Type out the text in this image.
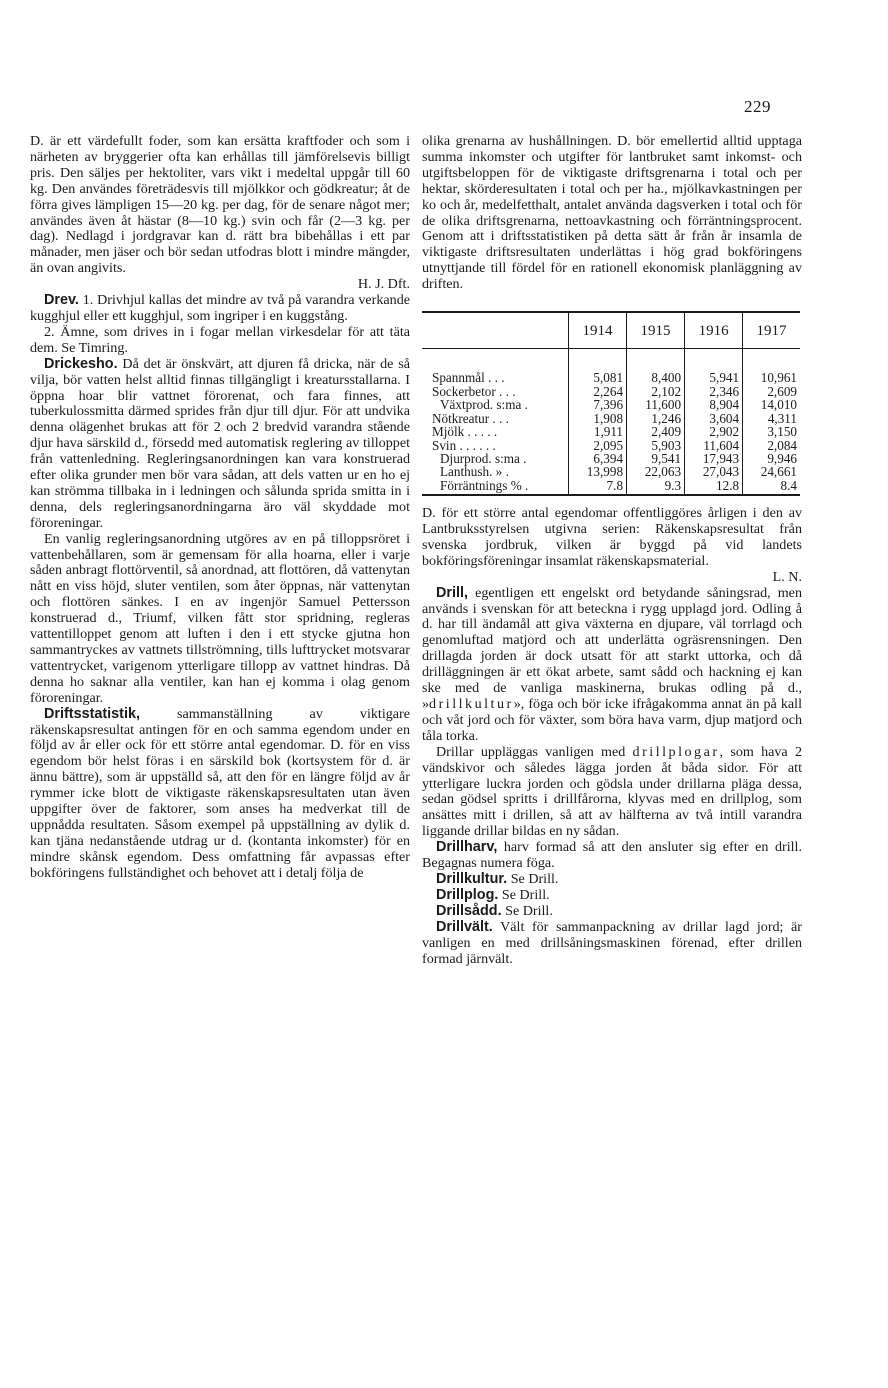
229

D. är ett värdefullt foder, som kan ersätta kraftfoder och som i närheten av bryggerier ofta kan erhållas till jämförelsevis billigt pris. Den säljes per hektoliter, vars vikt i medeltal uppgår till 60 kg. Den användes företrädesvis till mjölkkor och gödkreatur; åt de förra gives lämpligen 15—20 kg. per dag, för de senare något mer; användes även åt hästar (8—10 kg.) svin och får (2—3 kg. per dag). Nedlagd i jordgravar kan d. rätt bra bibehållas i ett par månader, men jäser och bör sedan utfodras blott i mindre mängder, än ovan angivits.

H. J. Dft.

Drev. 1. Drivhjul kallas det mindre av två på varandra verkande kugghjul eller ett kugghjul, som ingriper i en kuggstång.

2. Ämne, som drives in i fogar mellan virkesdelar för att täta dem. Se Timring.

Drickesho. Då det är önskvärt, att djuren få dricka, när de så vilja, bör vatten helst alltid finnas tillgängligt i kreatursstallarna. I öppna hoar blir vattnet förorenat, och fara finnes, att tuberkulossmitta därmed sprides från djur till djur. För att undvika denna olägenhet brukas att för 2 och 2 bredvid varandra stående djur hava särskild d., försedd med automatisk reglering av tilloppet från vattenledning. Regleringsanordningen kan vara konstruerad efter olika grunder men bör vara sådan, att dels vatten ur en ho ej kan strömma tillbaka in i ledningen och sålunda sprida smitta in i denna, dels regleringsanordningarna äro väl skyddade mot föroreningar.

En vanlig regleringsanordning utgöres av en på tilloppsröret i vattenbehållaren, som är gemensam för alla hoarna, eller i varje såden anbragt flottörventil, så anordnad, att flottören, då vattenytan nått en viss höjd, sluter ventilen, som åter öppnas, när vattenytan och flottören sänkes. I en av ingenjör Samuel Pettersson konstruerad d., Triumf, vilken fått stor spridning, regleras vattentilloppet genom att luften i den i ett stycke gjutna hon sammantryckes av vattnets tillströmning, tills lufttrycket motsvarar vattentrycket, varigenom ytterligare tillopp av vattnet hindras. Då denna ho saknar alla ventiler, kan han ej komma i olag genom föroreningar.

Driftsstatistik, sammanställning av viktigare räkenskapsresultat antingen för en och samma egendom under en följd av år eller ock för ett större antal egendomar. D. för en viss egendom bör helst föras i en särskild bok (kortsystem för d. är ännu bättre), som är uppställd så, att den för en längre följd av år rymmer icke blott de viktigaste räkenskapsresultaten utan även uppgifter över de faktorer, som anses ha medverkat till de uppnådda resultaten. Såsom exempel på uppställning av dylik d. kan tjäna nedanstående utdrag ur d. (kontanta inkomster) för en mindre skånsk egendom. Dess omfattning får avpassas efter bokföringens fullständighet och behovet att i detalj följa de

olika grenarna av hushållningen. D. bör emellertid alltid upptaga summa inkomster och utgifter för lantbruket samt inkomst- och utgiftsbeloppen för de viktigaste driftsgrenarna i total och per hektar, skörderesultaten i total och per ha., mjölkavkastningen per ko och år, medelfetthalt, antalet använda dagsverken i total och för de olika driftsgrenarna, nettoavkastning och förräntningsprocent. Genom att i driftsstatistiken på detta sätt år från år insamla de viktigaste driftsresultaten underlättas i hög grad bokföringens utnyttjande till fördel för en rationell ekonomisk planläggning av driften.

	1914	1915	1916	1917
Spannmål . . .	5,081	8,400	5,941	10,961
Sockerbetor . . .	2,264	2,102	2,346	2,609
Växtprod. s:ma .	7,396	11,600	8,904	14,010
Nötkreatur . . .	1,908	1,246	3,604	4,311
Mjölk . . . . .	1,911	2,409	2,902	3,150
Svin . . . . . .	2,095	5,903	11,604	2,084
Djurprod. s:ma .	6,394	9,541	17,943	9,946
Lanthush. » .	13,998	22,063	27,043	24,661
Förräntnings % .	7.8	9.3	12.8	8.4

D. för ett större antal egendomar offentliggöres årligen i den av Lantbruksstyrelsen utgivna serien: Räkenskapsresultat från svenska jordbruk, vilken är byggd på vid landets bokföringsföreningar insamlat räkenskapsmaterial.

L. N.

Drill, egentligen ett engelskt ord betydande såningsrad, men används i svenskan för att beteckna i rygg upplagd jord. Odling å d. har till ändamål att giva växterna en djupare, väl torrlagd och genomluftad matjord och att underlätta ogräsrensningen. Den drillagda jorden är dock utsatt för att starkt uttorka, och då drilläggningen är ett ökat arbete, samt sådd och hackning ej kan ske med de vanliga maskinerna, brukas odling på d., »drillkultur», föga och bör icke ifrågakomma annat än på kall och våt jord och för växter, som böra hava varm, djup matjord och tåla torka.

Drillar uppläggas vanligen med drillplogar, som hava 2 vändskivor och således lägga jorden åt båda sidor. För att ytterligare luckra jorden och gödsla under drillarna pläga dessa, sedan gödsel spritts i drillfårorna, klyvas med en drillplog, som ansättes mitt i drillen, så att av hälfterna av två intill varandra liggande drillar bildas en ny sådan.

Drillharv, harv formad så att den ansluter sig efter en drill. Begagnas numera föga.

Drillkultur. Se Drill.

Drillplog. Se Drill.

Drillsådd. Se Drill.

Drillvält. Vält för sammanpackning av drillar lagd jord; är vanligen en med drillsåningsmaskinen förenad, efter drillen formad järnvält.
